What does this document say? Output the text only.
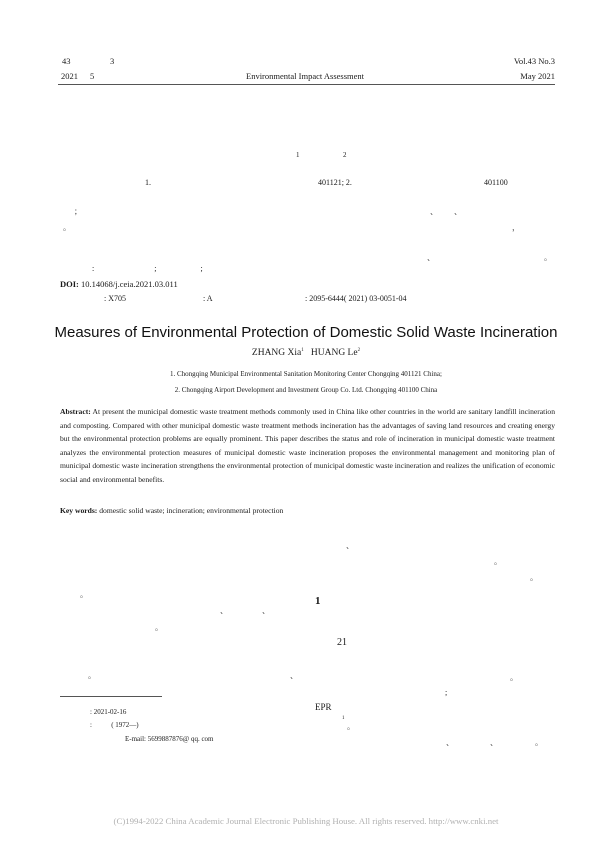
43	3
2021 5	Environmental Impact Assessment
Vol.43 No.3
May 2021
1	2
1.	401121; 2.	401100
；
。
、 、
，
、	。
:                              ;                      ;
DOI: 10.14068/j.ceia.2021.03.011
: X705	: A	: 2095-6444( 2021) 03-0051-04
Measures of Environmental Protection of Domestic Solid Waste Incineration
ZHANG Xia$^1$ HUANG Le$^2$
1. Chongqing Municipal Environmental Sanitation Monitoring Center Chongqing 401121 China;
2. Chongqing Airport Development and Investment Group Co. Ltd. Chongqing 401100 China
Abstract: At present the municipal domestic waste treatment methods commonly used in China like other countries in the world are sanitary landfill incineration and composting. Compared with other municipal domestic waste treatment methods incineration has the advantages of saving land resources and creating energy but the environmental protection problems are equally prominent. This paper describes the status and role of incineration in municipal domestic waste treatment analyzes the environmental protection measures of municipal domestic waste incineration proposes the environmental management and monitoring plan of municipal domestic waste incineration strengthens the environmental protection of municipal domestic waste incineration and realizes the unification of economic social and environmental benefits.
Key words: domestic solid waste; incineration; environmental protection
、
。
。
。
、	、
1
。
21
。	、	。
;
EPR
1
。
、	、	。
: 2021-02-16
:           ( 1972—)
E-mail: 5699887876@ qq. com
(C)1994-2022 China Academic Journal Electronic Publishing House. All rights reserved. http://www.cnki.net
